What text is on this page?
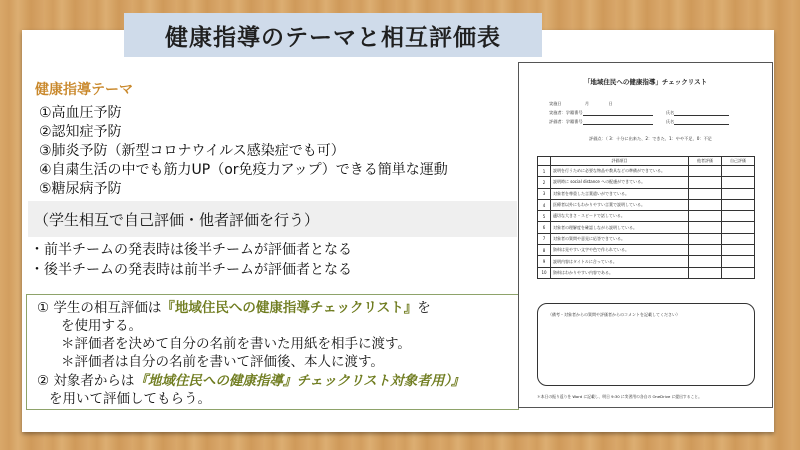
健康指導のテーマと相互評価表
健康指導テーマ
①高血圧予防
②認知症予防
③肺炎予防（新型コロナウイルス感染症でも可）
④自粛生活の中でも筋力UP（or免疫力アップ）できる簡単な運動
⑤糖尿病予防
（学生相互で自己評価・他者評価を行う）
・前半チームの発表時は後半チームが評価者となる
・後半チームの発表時は前半チームが評価者となる
① 学生の相互評価は『地域住民への健康指導チェックリスト』を
を使用する。
＊評価者を決めて自分の名前を書いた用紙を相手に渡す。
＊評価者は自分の名前を書いて評価後、本人に渡す。
② 対象者からは『地域住民への健康指導』チェックリスト対象者用）』
を用いて評価してもらう。
「地域住民への健康指導」チェックリスト
実施日	月	日
実施者：学籍番号	氏名
評価者：学籍番号	氏名
評価点：（ 3：十分に出来た、2：できた、1：やや不足、0：不足
	評価項目	他者評価	自己評価
1	説明を行うために必要な物品や教具などの準備ができている。		
2	説明時に social distance への配慮ができている。		
3	対象者を尊重した言葉遣いができている。		
4	医療者以外にもわかりやすい言葉で説明している。		
5	適切な大きさ・スピードで話している。		
6	対象者の理解度を確認しながら説明している。		
7	対象者の質問や意見に応答できている。		
8	資料は見やすい文字や色で作られている。		
9	説明内容はタイトルに合っている。		
10	資料はわかりやすい内容である。		
（備考・対象者からの質問や評価者からのコメントを記載してください）
＊本日の振り返りを Word に記載し、明日 9:30 に実習用の各自の OneDrive に提出すること。
